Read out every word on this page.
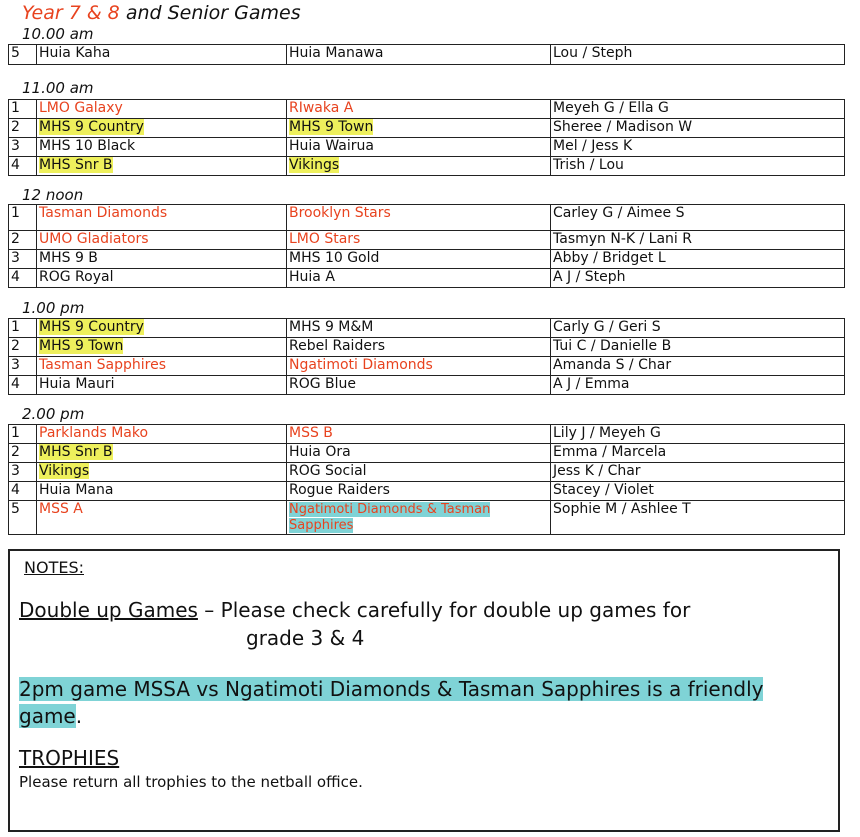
Year 7 & 8 and Senior Games
10.00 am
5	Huia Kaha	Huia Manawa	Lou / Steph
11.00 am
1	LMO Galaxy	RIwaka A	Meyeh G / Ella G
2	MHS 9 Country	MHS 9 Town	Sheree / Madison W
3	MHS 10 Black	Huia Wairua	Mel / Jess K
4	MHS Snr B	Vikings	Trish / Lou
12 noon
1	Tasman Diamonds	Brooklyn Stars	Carley G / Aimee S
2	UMO Gladiators	LMO Stars	Tasmyn N-K / Lani R
3	MHS 9 B	MHS 10 Gold	Abby / Bridget L
4	ROG Royal	Huia A	A J / Steph
1.00 pm
1	MHS 9 Country	MHS 9 M&M	Carly G / Geri S
2	MHS 9 Town	Rebel Raiders	Tui C / Danielle B
3	Tasman Sapphires	Ngatimoti Diamonds	Amanda S / Char
4	Huia Mauri	ROG Blue	A J / Emma
2.00 pm
1	Parklands Mako	MSS B	Lily J / Meyeh G
2	MHS Snr B	Huia Ora	Emma / Marcela
3	Vikings	ROG Social	Jess K / Char
4	Huia Mana	Rogue Raiders	Stacey / Violet
5	MSS A	Ngatimoti Diamonds & Tasman Sapphires	Sophie M / Ashlee T
NOTES:
Double up Games – Please check carefully for double up games for
grade 3 & 4
2pm game MSSA vs Ngatimoti Diamonds & Tasman Sapphires is a friendly
game.
TROPHIES
Please return all trophies to the netball office.
